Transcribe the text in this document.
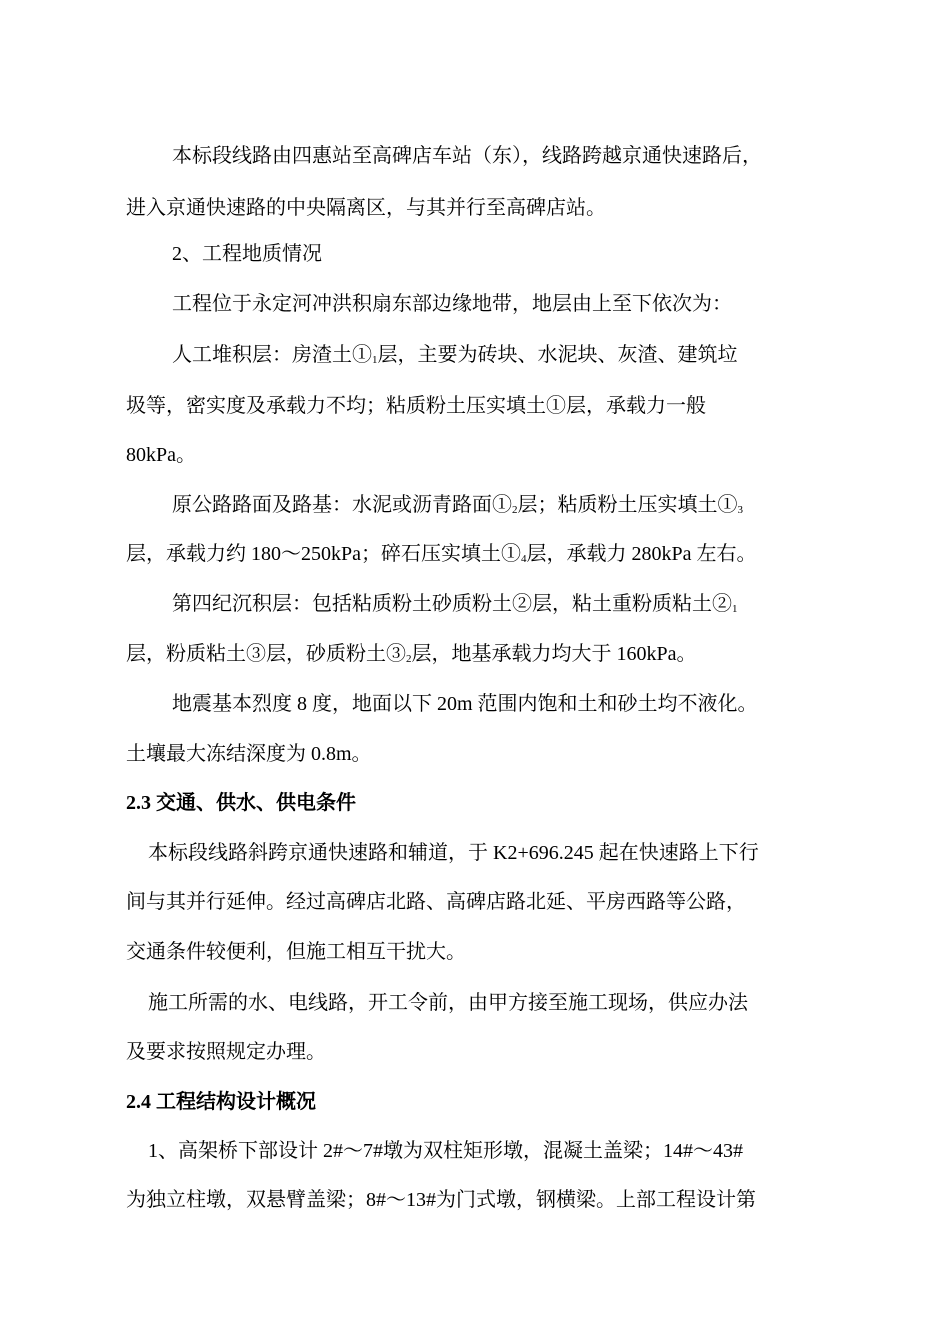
本标段线路由四惠站至高碑店车站（东），线路跨越京通快速路后，
进入京通快速路的中央隔离区，与其并行至高碑店站。
2、工程地质情况
工程位于永定河冲洪积扇东部边缘地带，地层由上至下依次为：
人工堆积层：房渣土$①_1$层，主要为砖块、水泥块、灰渣、建筑垃
圾等，密实度及承载力不均；粘质粉土压实填土①层，承载力一般
80kPa。
原公路路面及路基：水泥或沥青路面$①_2$层；粘质粉土压实填土$①_3$
层，承载力约 180～250kPa；碎石压实填土$①_4$层，承载力 280kPa 左右。
第四纪沉积层：包括粘质粉土砂质粉土②层，粘土重粉质粘土$②_1$
层，粉质粘土③层，砂质粉土$③_2$层，地基承载力均大于 160kPa。
地震基本烈度 8 度，地面以下 20m 范围内饱和土和砂土均不液化。
土壤最大冻结深度为 0.8m。
2.3 交通、供水、供电条件
本标段线路斜跨京通快速路和辅道，于 K2+696.245 起在快速路上下行
间与其并行延伸。经过高碑店北路、高碑店路北延、平房西路等公路，
交通条件较便利，但施工相互干扰大。
施工所需的水、电线路，开工令前，由甲方接至施工现场，供应办法
及要求按照规定办理。
2.4 工程结构设计概况
1、高架桥下部设计 2#～7#墩为双柱矩形墩，混凝土盖梁；14#～43#
为独立柱墩，双悬臂盖梁；8#～13#为门式墩，钢横梁。上部工程设计第
